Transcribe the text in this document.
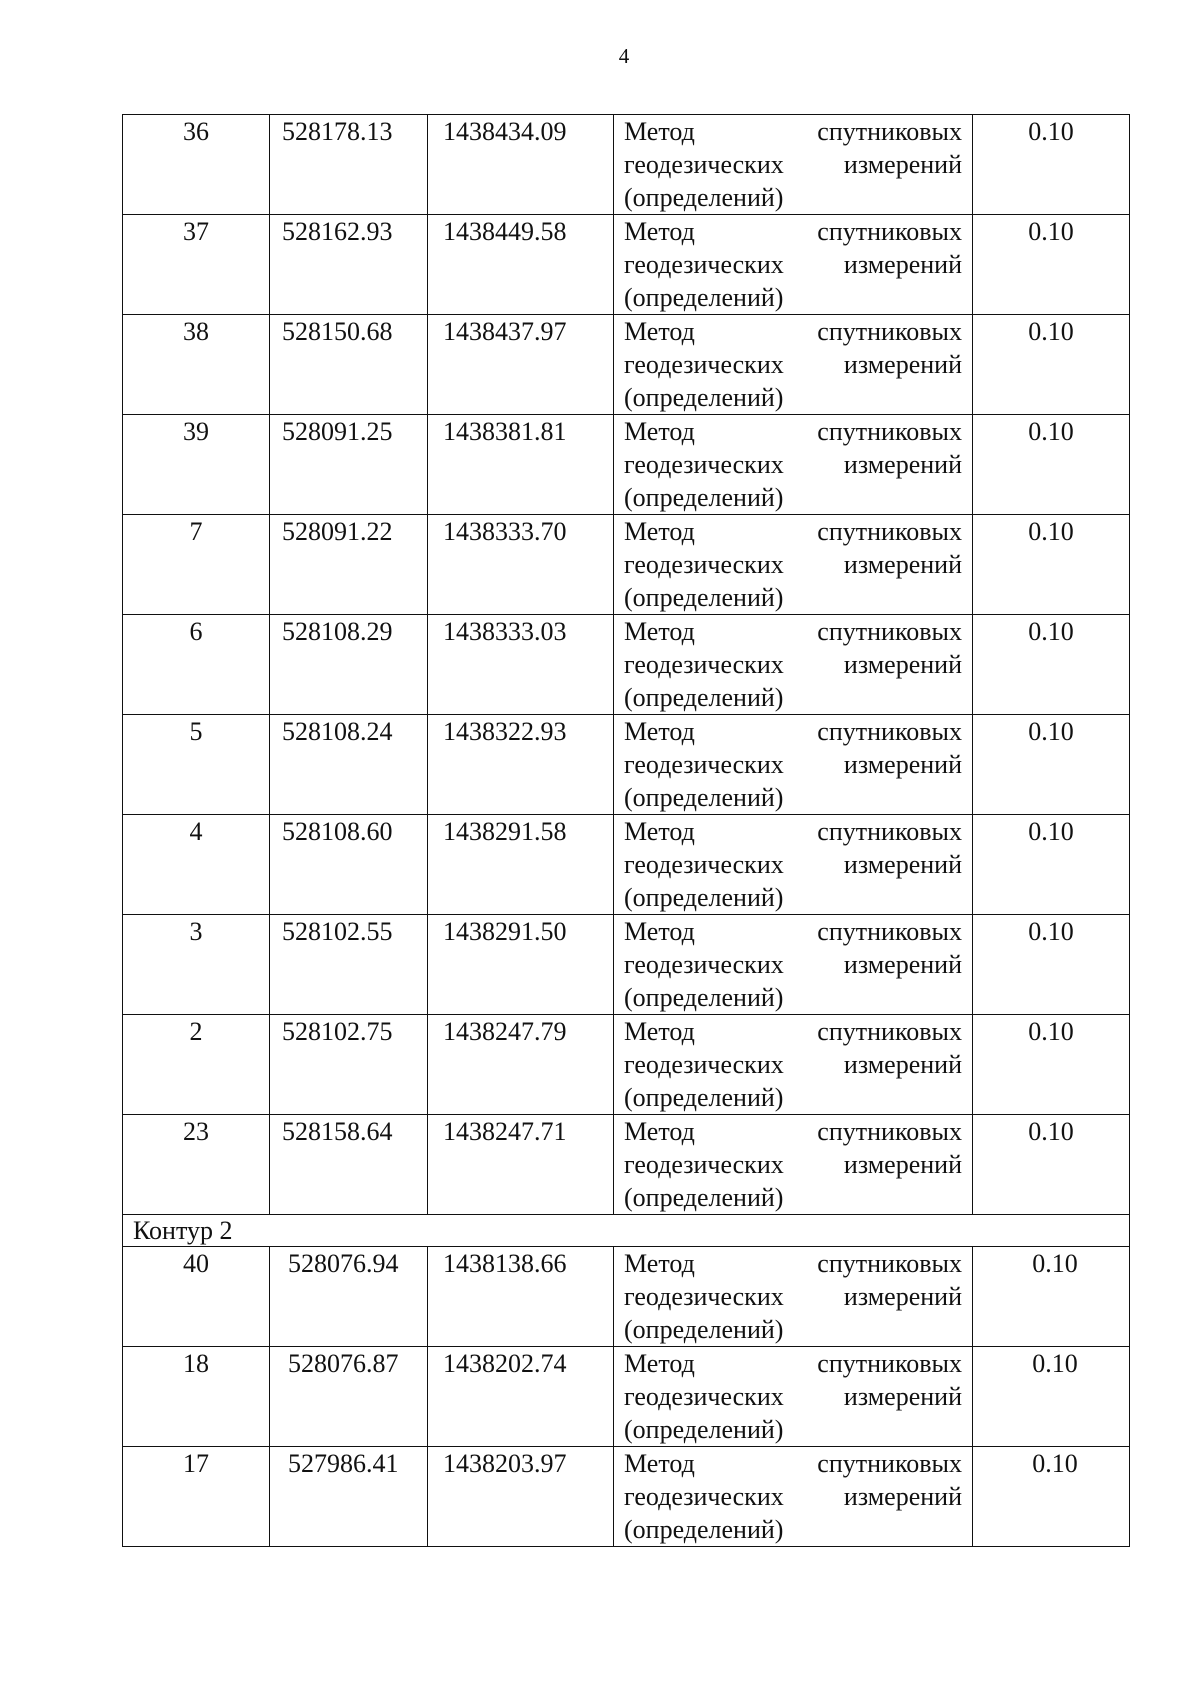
4
36	528178.13	1438434.09	Метод спутниковых
геодезических измерений
(определений)	0.10
37	528162.93	1438449.58	Метод спутниковых
геодезических измерений
(определений)	0.10
38	528150.68	1438437.97	Метод спутниковых
геодезических измерений
(определений)	0.10
39	528091.25	1438381.81	Метод спутниковых
геодезических измерений
(определений)	0.10
7	528091.22	1438333.70	Метод спутниковых
геодезических измерений
(определений)	0.10
6	528108.29	1438333.03	Метод спутниковых
геодезических измерений
(определений)	0.10
5	528108.24	1438322.93	Метод спутниковых
геодезических измерений
(определений)	0.10
4	528108.60	1438291.58	Метод спутниковых
геодезических измерений
(определений)	0.10
3	528102.55	1438291.50	Метод спутниковых
геодезических измерений
(определений)	0.10
2	528102.75	1438247.79	Метод спутниковых
геодезических измерений
(определений)	0.10
23	528158.64	1438247.71	Метод спутниковых
геодезических измерений
(определений)	0.10
Контур 2				
40	528076.94	1438138.66	Метод спутниковых
геодезических измерений
(определений)	0.10
18	528076.87	1438202.74	Метод спутниковых
геодезических измерений
(определений)	0.10
17	527986.41	1438203.97	Метод спутниковых
геодезических измерений
(определений)	0.10
